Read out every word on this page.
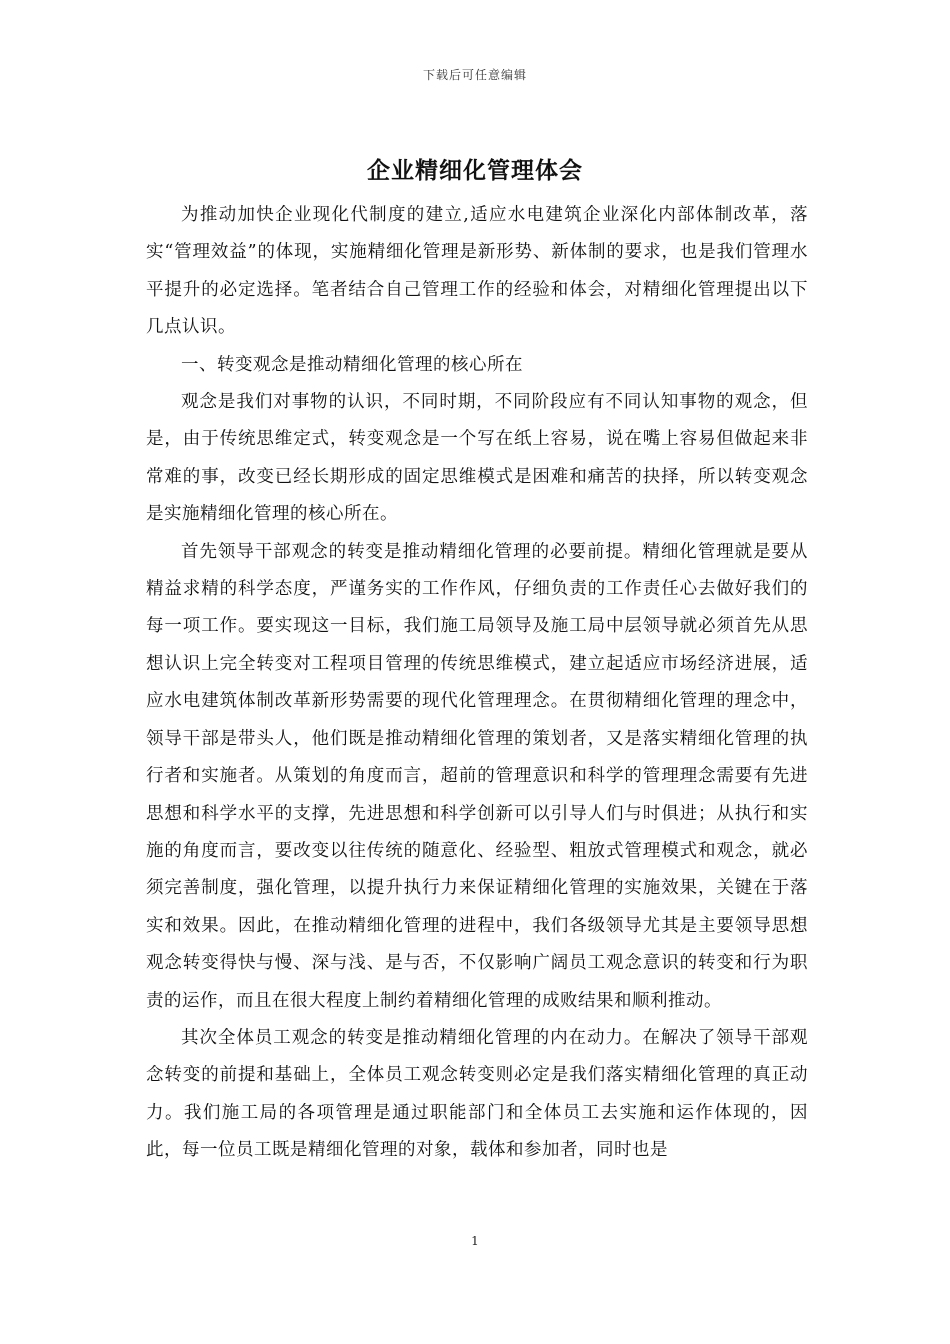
下载后可任意编辑
企业精细化管理体会

为推动加快企业现化代制度的建立,适应水电建筑企业深化内部体制改革，落实“管理效益”的体现，实施精细化管理是新形势、新体制的要求，也是我们管理水平提升的必定选择。笔者结合自己管理工作的经验和体会，对精细化管理提出以下几点认识。

一、转变观念是推动精细化管理的核心所在

观念是我们对事物的认识，不同时期，不同阶段应有不同认知事物的观念，但是，由于传统思维定式，转变观念是一个写在纸上容易，说在嘴上容易但做起来非常难的事，改变已经长期形成的固定思维模式是困难和痛苦的抉择，所以转变观念是实施精细化管理的核心所在。

首先领导干部观念的转变是推动精细化管理的必要前提。精细化管理就是要从精益求精的科学态度，严谨务实的工作作风，仔细负责的工作责任心去做好我们的每一项工作。要实现这一目标，我们施工局领导及施工局中层领导就必须首先从思想认识上完全转变对工程项目管理的传统思维模式，建立起适应市场经济进展，适应水电建筑体制改革新形势需要的现代化管理理念。在贯彻精细化管理的理念中，领导干部是带头人，他们既是推动精细化管理的策划者，又是落实精细化管理的执行者和实施者。从策划的角度而言，超前的管理意识和科学的管理理念需要有先进思想和科学水平的支撑，先进思想和科学创新可以引导人们与时俱进；从执行和实施的角度而言，要改变以往传统的随意化、经验型、粗放式管理模式和观念，就必须完善制度，强化管理，以提升执行力来保证精细化管理的实施效果，关键在于落实和效果。因此，在推动精细化管理的进程中，我们各级领导尤其是主要领导思想观念转变得快与慢、深与浅、是与否，不仅影响广阔员工观念意识的转变和行为职责的运作，而且在很大程度上制约着精细化管理的成败结果和顺利推动。

其次全体员工观念的转变是推动精细化管理的内在动力。在解决了领导干部观念转变的前提和基础上，全体员工观念转变则必定是我们落实精细化管理的真正动力。我们施工局的各项管理是通过职能部门和全体员工去实施和运作体现的，因此，每一位员工既是精细化管理的对象，载体和参加者，同时也是

1
